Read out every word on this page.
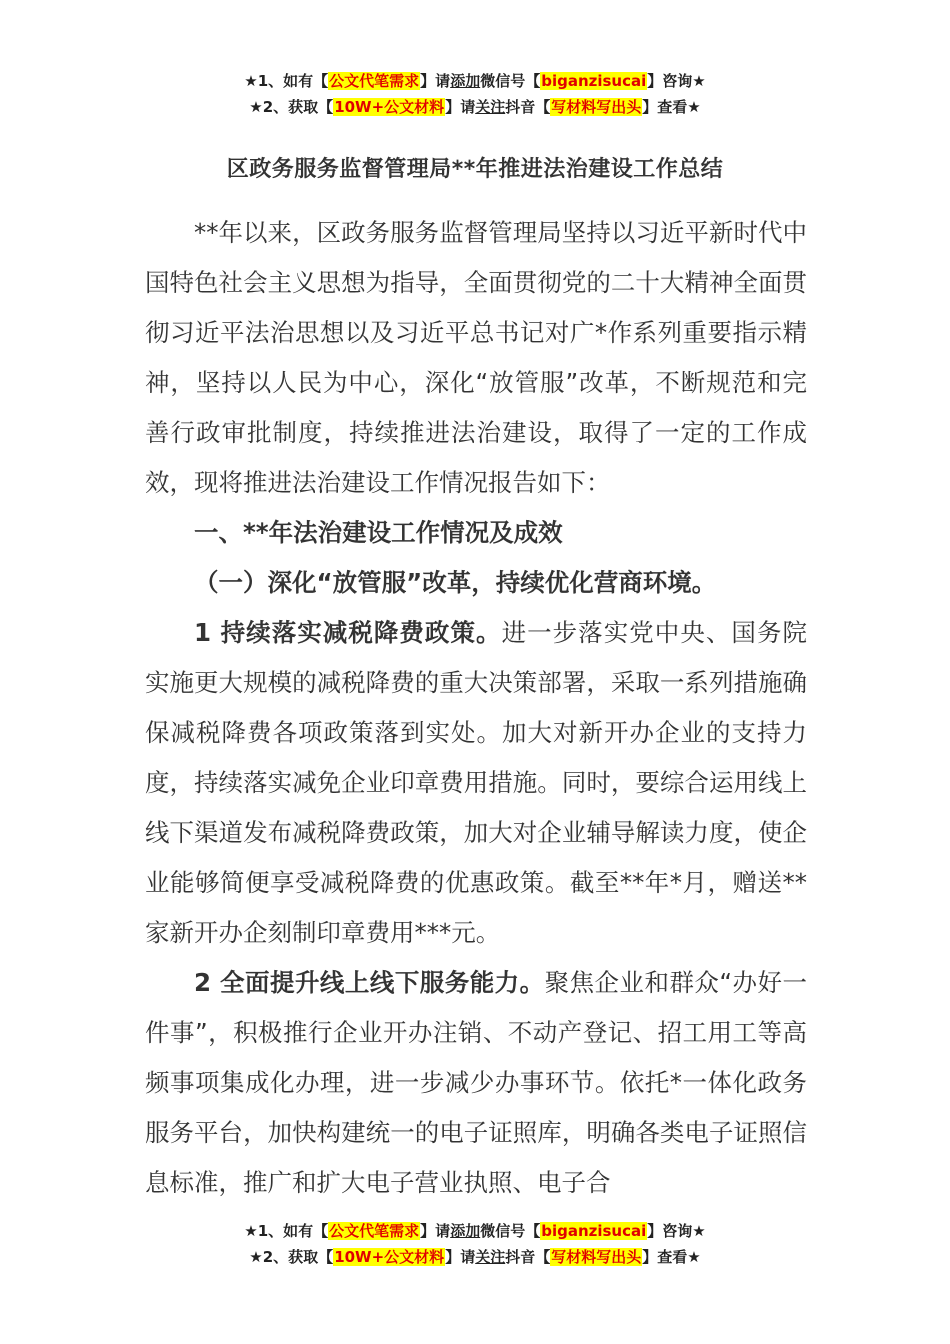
★1、如有【公文代笔需求】请添加微信号【biganzisucai】咨询★
★2、获取【10W+公文材料】请关注抖音【写材料写出头】查看★
区政务服务监督管理局**年推进法治建设工作总结

**年以来，区政务服务监督管理局坚持以习近平新时代中国特色社会主义思想为指导，全面贯彻党的二十大精神全面贯彻习近平法治思想以及习近平总书记对广*作系列重要指示精神，坚持以人民为中心，深化“放管服”改革，不断规范和完善行政审批制度，持续推进法治建设，取得了一定的工作成效，现将推进法治建设工作情况报告如下：

一、**年法治建设工作情况及成效

（一）深化“放管服”改革，持续优化营商环境。

1 持续落实减税降费政策。进一步落实党中央、国务院实施更大规模的减税降费的重大决策部署，采取一系列措施确保减税降费各项政策落到实处。加大对新开办企业的支持力度，持续落实减免企业印章费用措施。同时，要综合运用线上线下渠道发布减税降费政策，加大对企业辅导解读力度，使企业能够简便享受减税降费的优惠政策。截至**年*月，赠送**家新开办企刻制印章费用***元。

2 全面提升线上线下服务能力。聚焦企业和群众“办好一件事”，积极推行企业开办注销、不动产登记、招工用工等高频事项集成化办理，进一步减少办事环节。依托*一体化政务服务平台，加快构建统一的电子证照库，明确各类电子证照信息标准，推广和扩大电子营业执照、电子合

★1、如有【公文代笔需求】请添加微信号【biganzisucai】咨询★
★2、获取【10W+公文材料】请关注抖音【写材料写出头】查看★
